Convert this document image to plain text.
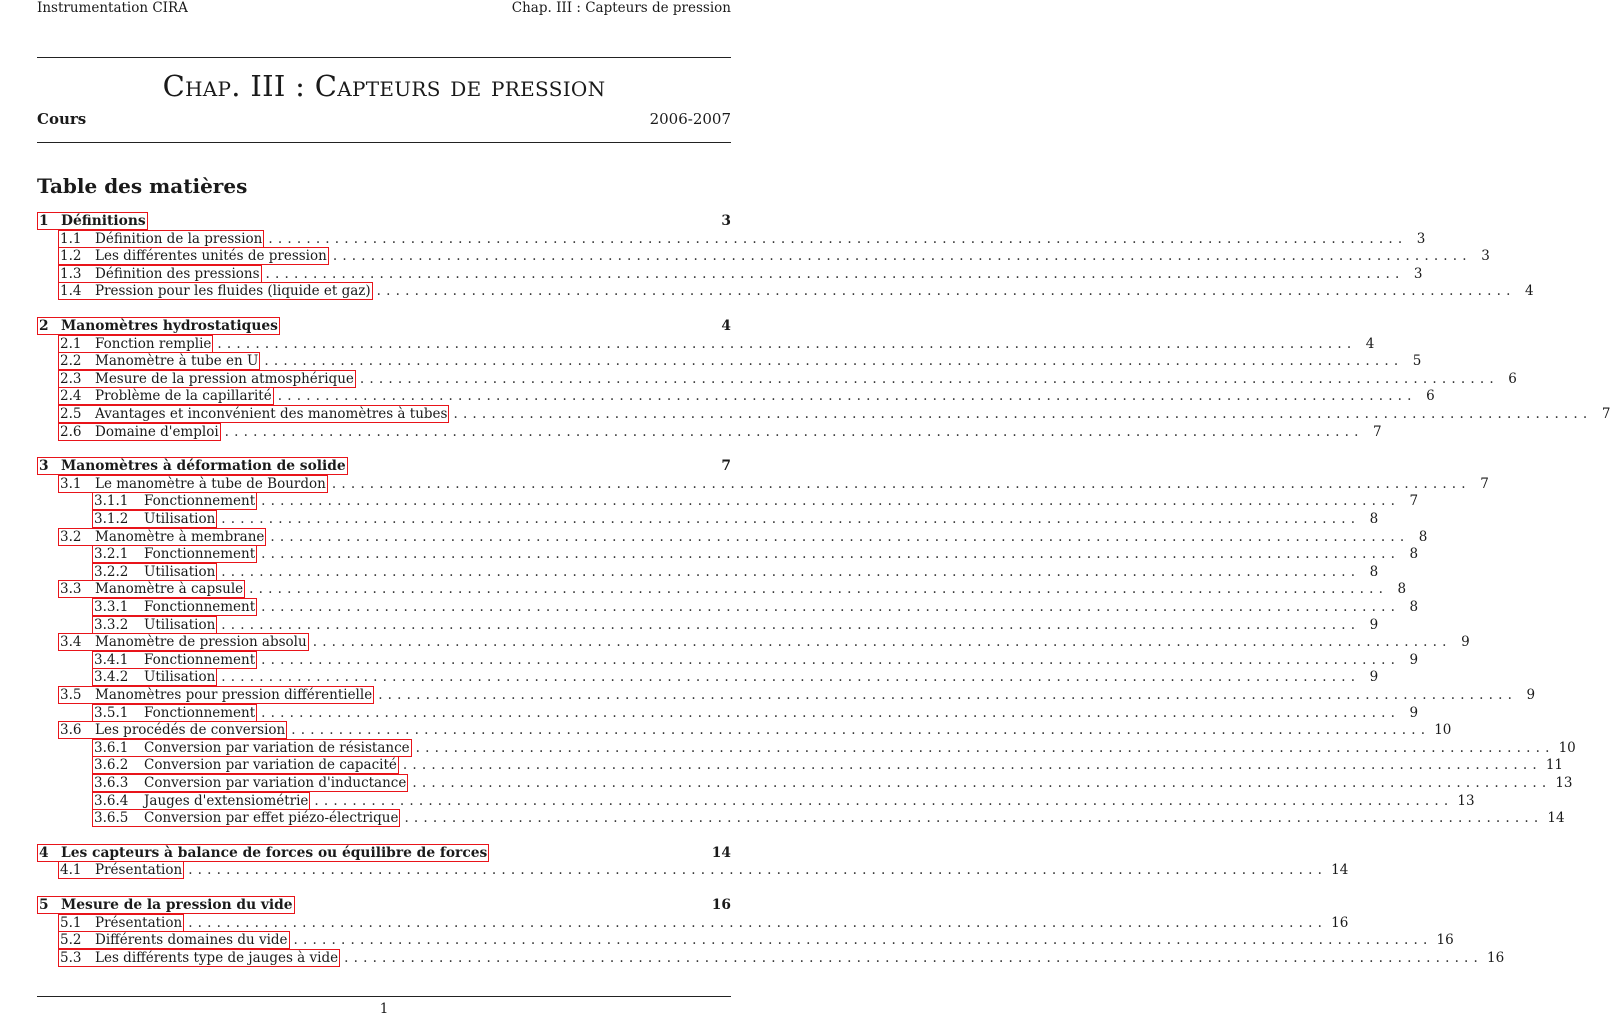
Instrumentation CIRA	Chap. III : Capteurs de pression
Chap. III : Capteurs de pression
Cours	2006-2007
Table des matières
1 Définitions	3
1.1	Définition de la pression ........................................................................................................................ 3
1.2	Les différentes unités de pression ........................................................................................................................ 3
1.3	Définition des pressions ........................................................................................................................ 3
1.4	Pression pour les fluides (liquide et gaz) ........................................................................................................................ 4
2 Manomètres hydrostatiques	4
2.1	Fonction remplie ........................................................................................................................ 4
2.2	Manomètre à tube en U ........................................................................................................................ 5
2.3	Mesure de la pression atmosphérique ........................................................................................................................ 6
2.4	Problème de la capillarité ........................................................................................................................ 6
2.5	Avantages et inconvénient des manomètres à tubes ........................................................................................................................ 7
2.6	Domaine d'emploi ........................................................................................................................ 7
3 Manomètres à déformation de solide	7
3.1	Le manomètre à tube de Bourdon ........................................................................................................................ 7
3.1.1	Fonctionnement ........................................................................................................................ 7
3.1.2	Utilisation ........................................................................................................................ 8
3.2	Manomètre à membrane ........................................................................................................................ 8
3.2.1	Fonctionnement ........................................................................................................................ 8
3.2.2	Utilisation ........................................................................................................................ 8
3.3	Manomètre à capsule ........................................................................................................................ 8
3.3.1	Fonctionnement ........................................................................................................................ 8
3.3.2	Utilisation ........................................................................................................................ 9
3.4	Manomètre de pression absolu ........................................................................................................................ 9
3.4.1	Fonctionnement ........................................................................................................................ 9
3.4.2	Utilisation ........................................................................................................................ 9
3.5	Manomètres pour pression différentielle ........................................................................................................................ 9
3.5.1	Fonctionnement ........................................................................................................................ 9
3.6	Les procédés de conversion ........................................................................................................................ 10
3.6.1	Conversion par variation de résistance ........................................................................................................................ 10
3.6.2	Conversion par variation de capacité ........................................................................................................................ 11
3.6.3	Conversion par variation d'inductance ........................................................................................................................ 13
3.6.4	Jauges d'extensiométrie ........................................................................................................................ 13
3.6.5	Conversion par effet piézo-électrique ........................................................................................................................ 14
4 Les capteurs à balance de forces ou équilibre de forces	14
4.1	Présentation ........................................................................................................................ 14
5 Mesure de la pression du vide	16
5.1	Présentation ........................................................................................................................ 16
5.2	Différents domaines du vide ........................................................................................................................ 16
5.3	Les différents type de jauges à vide ........................................................................................................................ 16
1
